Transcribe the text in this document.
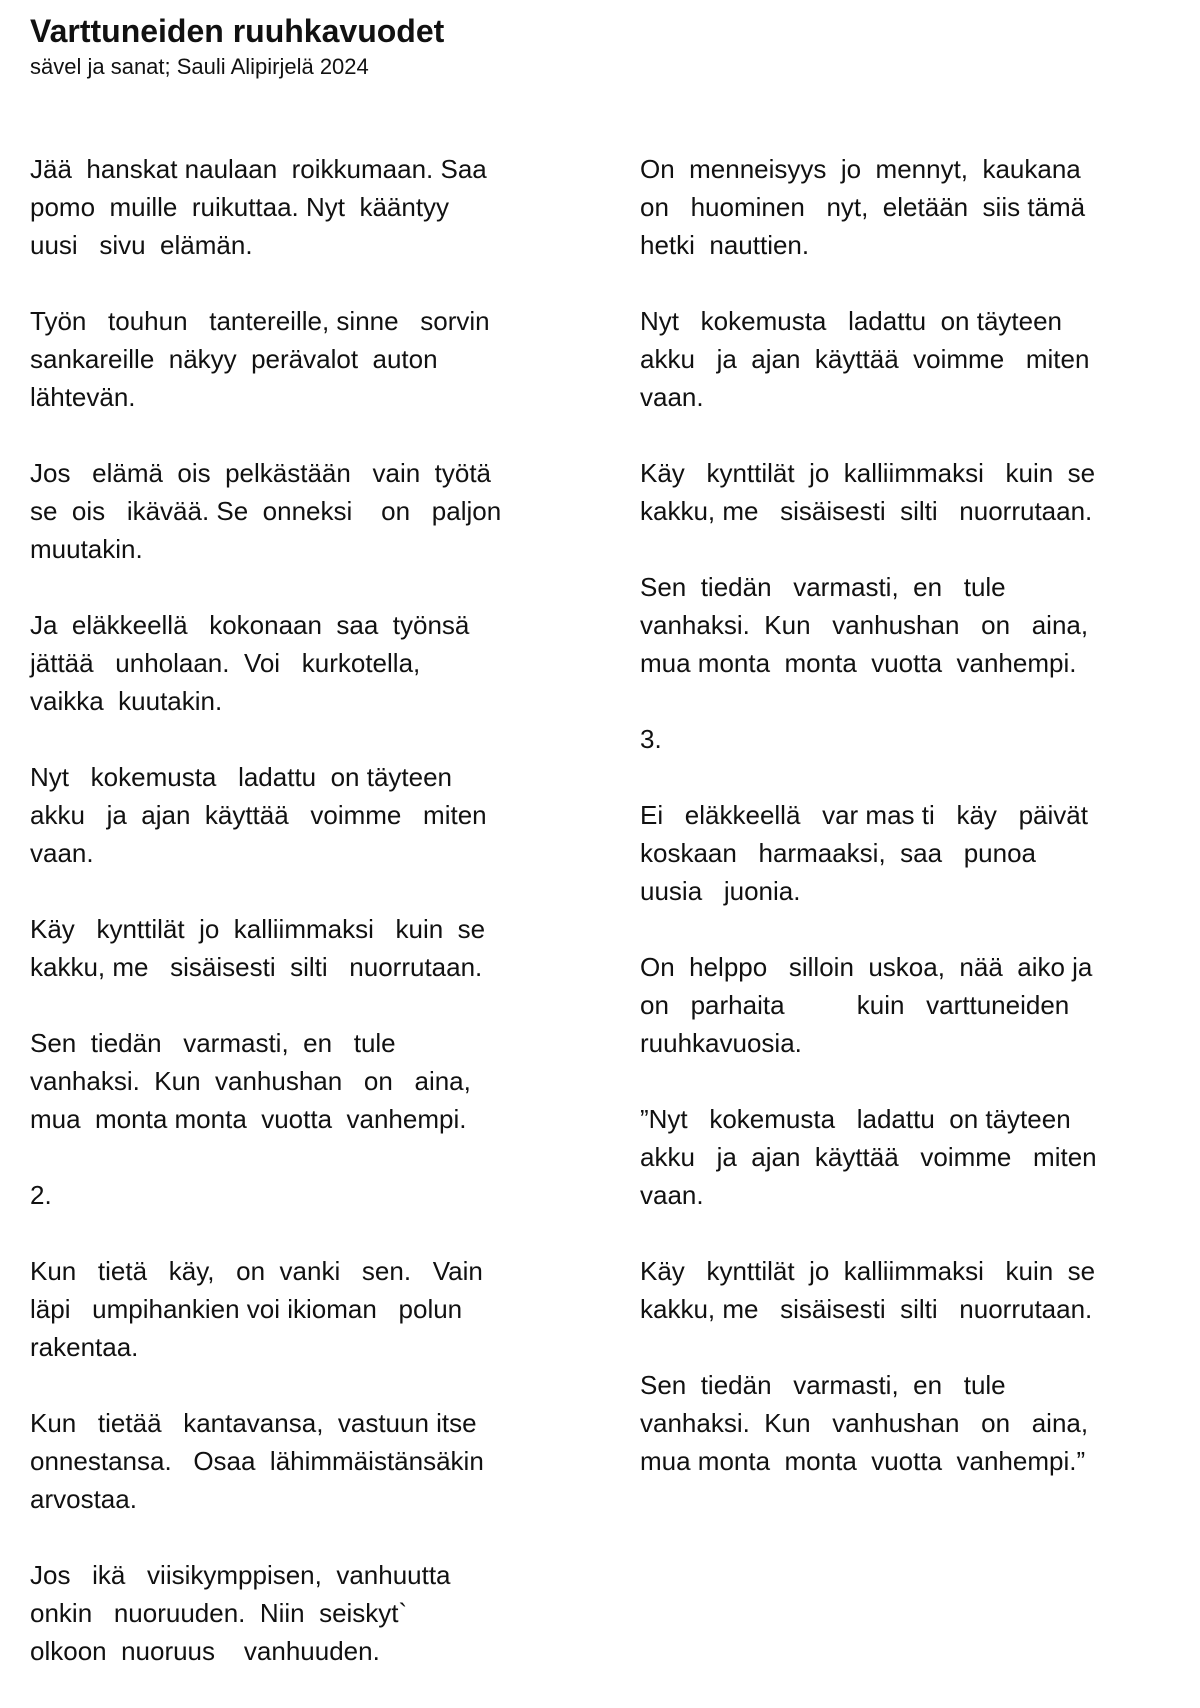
Varttuneiden ruuhkavuodet

sävel ja sanat; Sauli Alipirjelä 2024

Jää  hanskat naulaan  roikkumaan. Saa
pomo  muille  ruikuttaa. Nyt  kääntyy
uusi   sivu  elämän.
Työn   touhun   tantereille, sinne   sorvin
sankareille  näkyy  perävalot  auton
lähtevän.
Jos   elämä  ois  pelkästään   vain  työtä
se  ois   ikävää. Se  onneksi    on   paljon
muutakin.
Ja  eläkkeellä   kokonaan  saa  työnsä
jättää   unholaan.  Voi   kurkotella,
vaikka  kuutakin.
Nyt   kokemusta   ladattu  on täyteen
akku   ja  ajan  käyttää   voimme   miten
vaan.
Käy   kynttilät  jo  kalliimmaksi   kuin  se
kakku, me   sisäisesti  silti   nuorrutaan.
Sen  tiedän   varmasti,  en   tule
vanhaksi.  Kun  vanhushan   on   aina,
mua  monta monta  vuotta  vanhempi.
2.
Kun   tietä   käy,   on  vanki   sen.   Vain
läpi   umpihankien voi ikioman   polun
rakentaa.
Kun   tietää   kantavansa,  vastuun itse
onnestansa.   Osaa  lähimmäistänsäkin
arvostaa.
Jos   ikä   viisikymppisen,  vanhuutta
onkin   nuoruuden.  Niin  seiskyt`
olkoon  nuoruus    vanhuuden.
On  menneisyys  jo  mennyt,  kaukana
on   huominen   nyt,  eletään  siis tämä
hetki  nauttien.
Nyt   kokemusta   ladattu  on täyteen
akku   ja  ajan  käyttää  voimme   miten
vaan.
Käy   kynttilät  jo  kalliimmaksi   kuin  se
kakku, me   sisäisesti  silti   nuorrutaan.
Sen  tiedän   varmasti,  en   tule
vanhaksi.  Kun   vanhushan   on   aina,
mua monta  monta  vuotta  vanhempi.
3.
Ei   eläkkeellä   var mas ti   käy   päivät
koskaan   harmaaksi,  saa   punoa
uusia   juonia.
On  helppo   silloin  uskoa,  nää  aiko ja
on   parhaita          kuin   varttuneiden
ruuhkavuosia.
”Nyt   kokemusta   ladattu  on täyteen
akku   ja  ajan  käyttää   voimme   miten
vaan.
Käy   kynttilät  jo  kalliimmaksi   kuin  se
kakku, me   sisäisesti  silti   nuorrutaan.
Sen  tiedän   varmasti,  en   tule
vanhaksi.  Kun   vanhushan   on   aina,
mua monta  monta  vuotta  vanhempi.”
